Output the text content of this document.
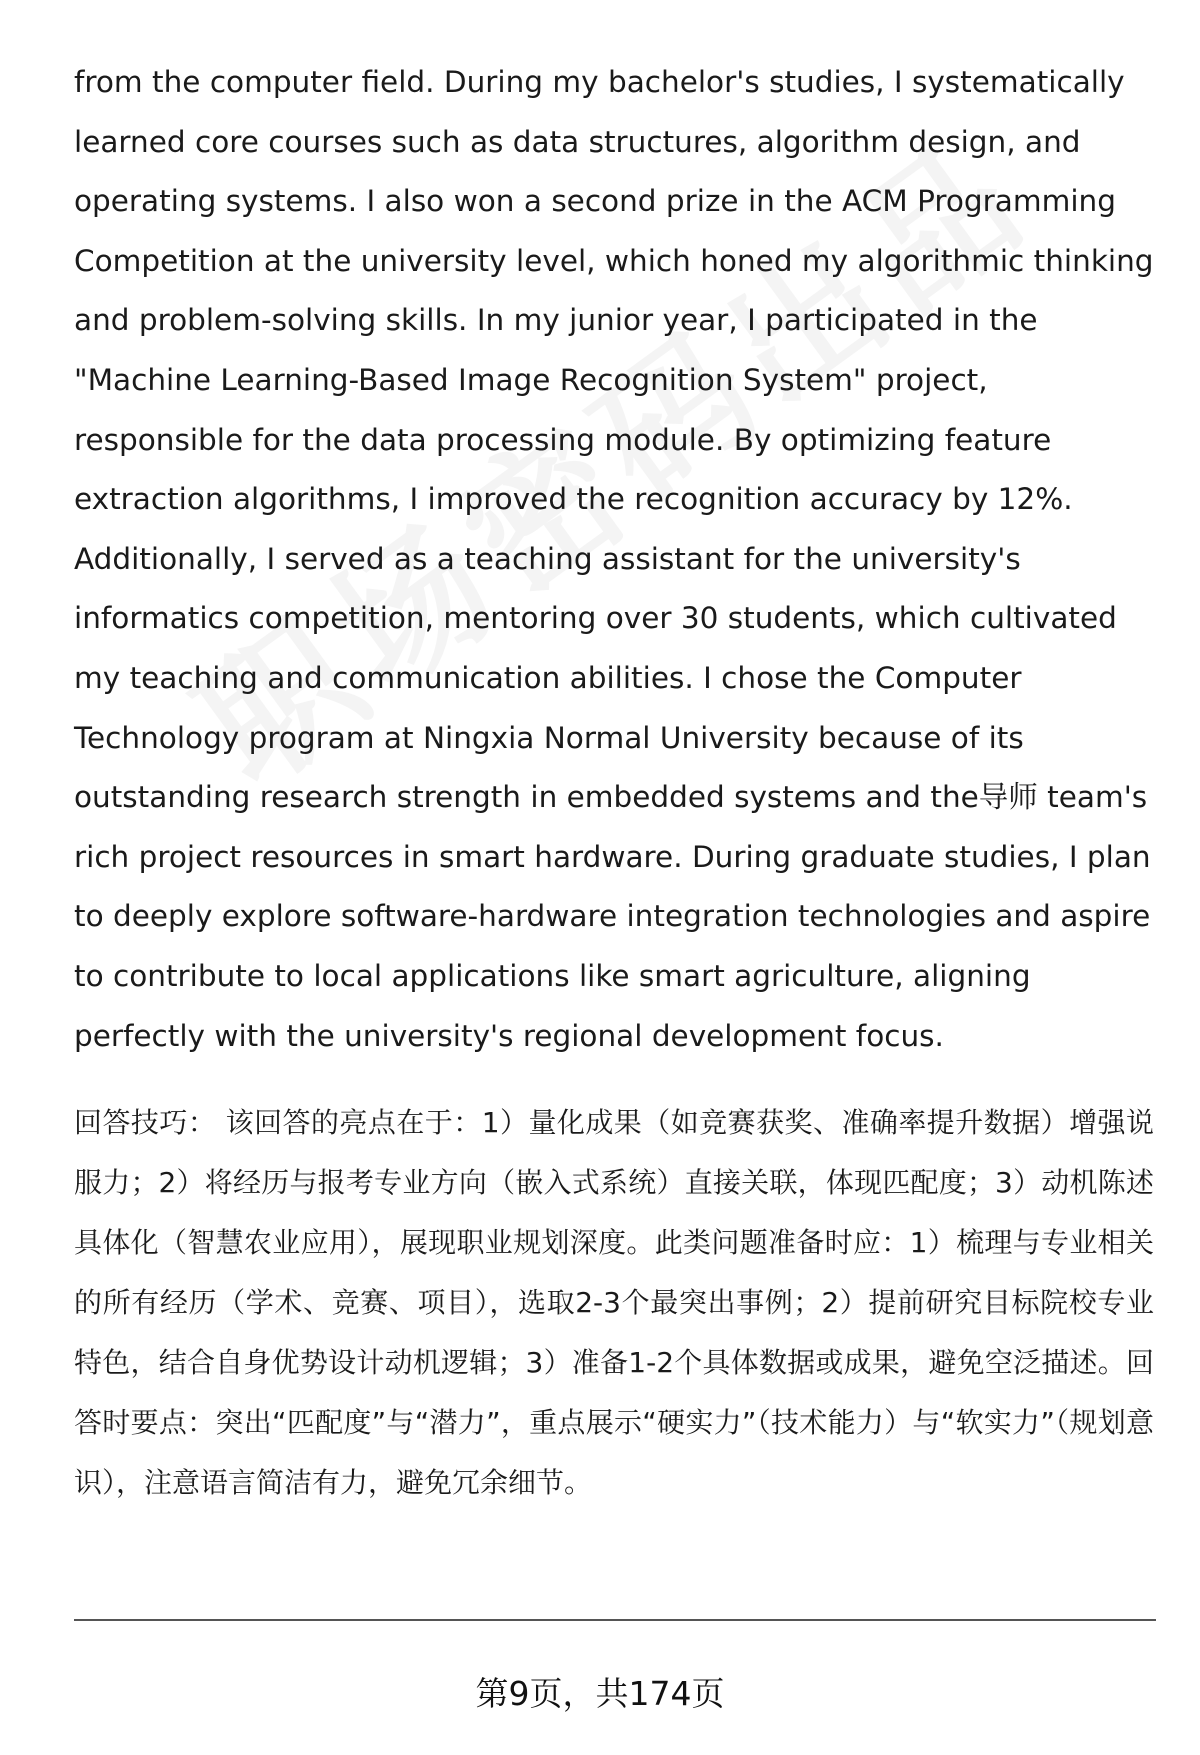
from the computer field. During my bachelor's studies, I systematically learned core courses such as data structures, algorithm design, and operating systems. I also won a second prize in the ACM Programming Competition at the university level, which honed my algorithmic thinking and problem-solving skills. In my junior year, I participated in the "Machine Learning-Based Image Recognition System" project, responsible for the data processing module. By optimizing feature extraction algorithms, I improved the recognition accuracy by 12%. Additionally, I served as a teaching assistant for the university's informatics competition, mentoring over 30 students, which cultivated my teaching and communication abilities. I chose the Computer Technology program at Ningxia Normal University because of its outstanding research strength in embedded systems and the导师 team's rich project resources in smart hardware. During graduate studies, I plan to deeply explore software-hardware integration technologies and aspire to contribute to local applications like smart agriculture, aligning perfectly with the university's regional development focus.

回答技巧： 该回答的亮点在于：1）量化成果（如竞赛获奖、准确率提升数据）增强说服力；2）将经历与报考专业方向（嵌入式系统）直接关联，体现匹配度；3）动机陈述具体化（智慧农业应用），展现职业规划深度。此类问题准备时应：1）梳理与专业相关的所有经历（学术、竞赛、项目），选取2-3个最突出事例；2）提前研究目标院校专业特色，结合自身优势设计动机逻辑；3）准备1-2个具体数据或成果，避免空泛描述。回答时要点：突出“匹配度”与“潜力”，重点展示“硬实力”（技术能力）与“软实力”（规划意识），注意语言简洁有力，避免冗余细节。

第9页，共174页
